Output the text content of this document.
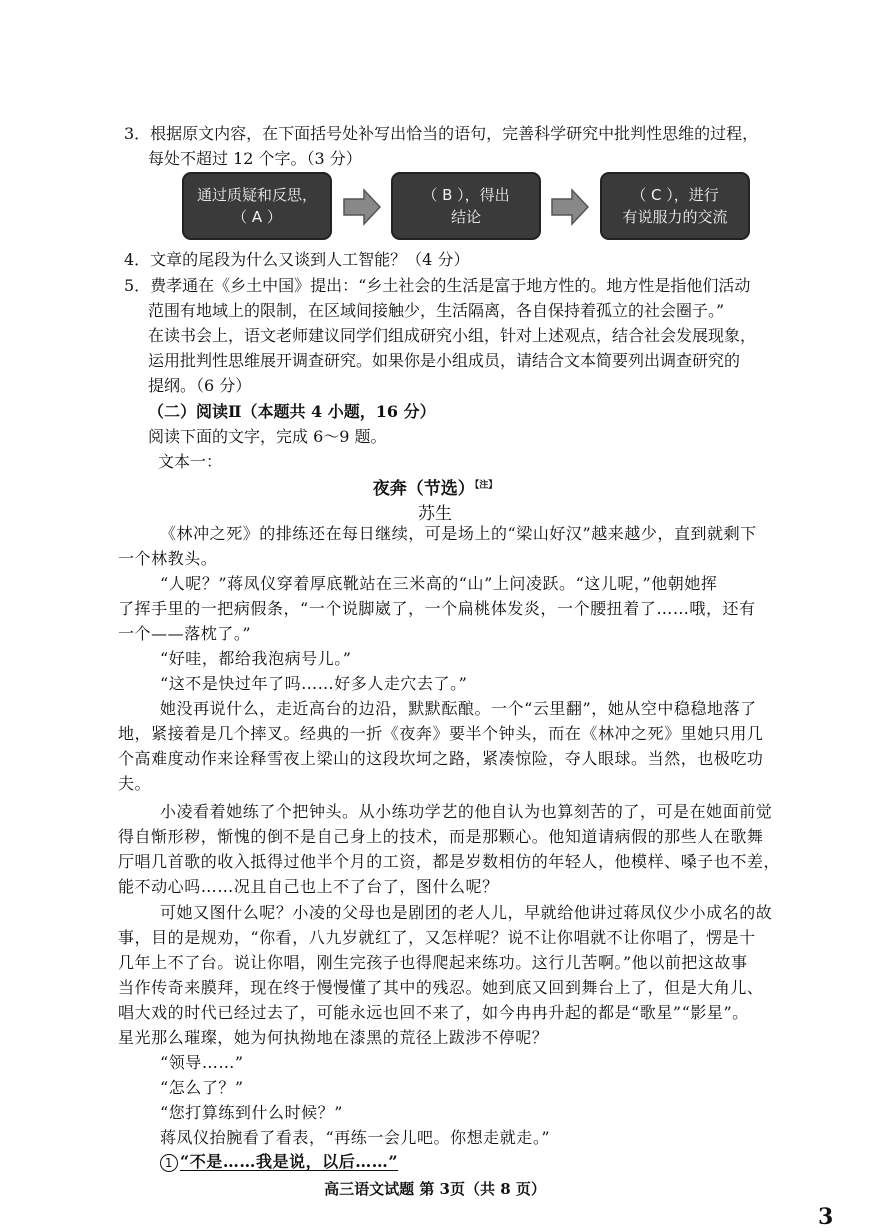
3．根据原文内容，在下面括号处补写出恰当的语句，完善科学研究中批判性思维的过程，
每处不超过 12 个字。（3 分）
通过质疑和反思，
（ A ）
（ B ），得出
结论
（ C ），进行
有说服力的交流
4．文章的尾段为什么又谈到人工智能？（4 分）
5．费孝通在《乡土中国》提出：“乡土社会的生活是富于地方性的。地方性是指他们活动
范围有地域上的限制，在区域间接触少，生活隔离，各自保持着孤立的社会圈子。”
在读书会上，语文老师建议同学们组成研究小组，针对上述观点，结合社会发展现象，
运用批判性思维展开调查研究。如果你是小组成员，请结合文本简要列出调查研究的
提纲。（6 分）
（二）阅读Ⅱ（本题共 4 小题，16 分）
阅读下面的文字，完成 6～9 题。
文本一：
夜奔（节选）$^{【注】}$
苏生
《林冲之死》的排练还在每日继续，可是场上的“梁山好汉”越来越少，直到就剩下
一个林教头。
“人呢？”蒋凤仪穿着厚底靴站在三米高的“山”上问凌跃。“这儿呢，”他朝她挥
了挥手里的一把病假条，“一个说脚崴了，一个扁桃体发炎，一个腰扭着了……哦，还有
一个——落枕了。”
“好哇，都给我泡病号儿。”
“这不是快过年了吗……好多人走穴去了。”
她没再说什么，走近高台的边沿，默默酝酿。一个“云里翻”，她从空中稳稳地落了
地，紧接着是几个摔叉。经典的一折《夜奔》要半个钟头，而在《林冲之死》里她只用几
个高难度动作来诠释雪夜上梁山的这段坎坷之路，紧凑惊险，夺人眼球。当然，也极吃功
夫。
小凌看着她练了个把钟头。从小练功学艺的他自认为也算刻苦的了，可是在她面前觉
得自惭形秽，惭愧的倒不是自己身上的技术，而是那颗心。他知道请病假的那些人在歌舞
厅唱几首歌的收入抵得过他半个月的工资，都是岁数相仿的年轻人，他模样、嗓子也不差，
能不动心吗……况且自己也上不了台了，图什么呢？
可她又图什么呢？小凌的父母也是剧团的老人儿，早就给他讲过蒋凤仪少小成名的故
事，目的是规劝，“你看，八九岁就红了，又怎样呢？说不让你唱就不让你唱了，愣是十
几年上不了台。说让你唱，刚生完孩子也得爬起来练功。这行儿苦啊。”他以前把这故事
当作传奇来膜拜，现在终于慢慢懂了其中的残忍。她到底又回到舞台上了，但是大角儿、
唱大戏的时代已经过去了，可能永远也回不来了，如今冉冉升起的都是“歌星”“影星”。
星光那么璀璨，她为何执拗地在漆黑的荒径上跋涉不停呢？
“领导……”
“怎么了？”
“您打算练到什么时候？”
蒋凤仪抬腕看了看表，“再练一会儿吧。你想走就走。”
1 “不是……我是说，以后……”
高三语文试题 第 3页（共 8 页）
3
